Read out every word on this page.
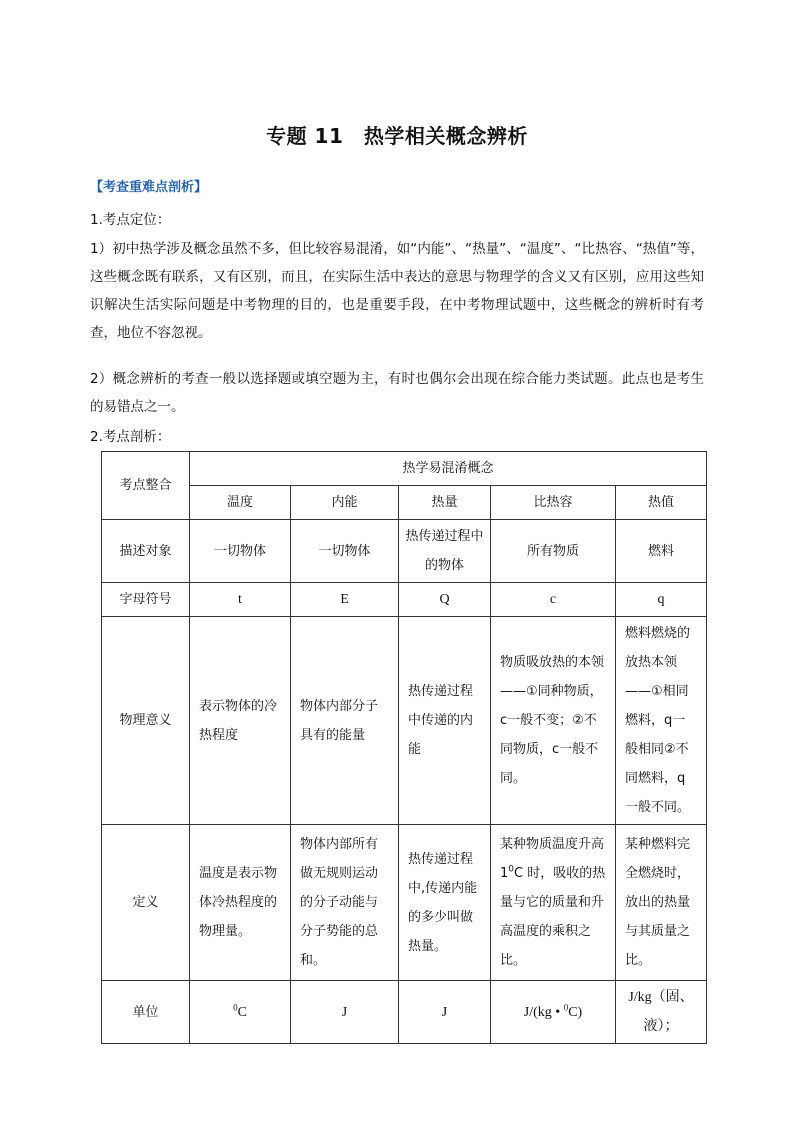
专题 11　热学相关概念辨析
【考查重难点剖析】
1.考点定位：
1）初中热学涉及概念虽然不多，但比较容易混淆，如“内能”、“热量”、“温度”、“比热容、“热值”等，这些概念既有联系，又有区别，而且，在实际生活中表达的意思与物理学的含义又有区别，应用这些知识解决生活实际问题是中考物理的目的，也是重要手段，在中考物理试题中，这些概念的辨析时有考查，地位不容忽视。
2）概念辨析的考查一般以选择题或填空题为主，有时也偶尔会出现在综合能力类试题。此点也是考生的易错点之一。
2.考点剖析：
考点整合	热学易混淆概念				
	温度	内能	热量	比热容	热值
描述对象	一切物体	一切物体	热传递过程中的物体	所有物质	燃料
字母符号	t	E	Q	c	q
物理意义	表示物体的冷热程度	物体内部分子具有的能量	热传递过程中传递的内能	物质吸放热的本领——①同种物质，c一般不变；②不同物质，c一般不同。	燃料燃烧的放热本领——①相同燃料，q一般相同②不同燃料，q一般不同。
定义	温度是表示物体冷热程度的物理量。	物体内部所有做无规则运动的分子动能与分子势能的总和。	热传递过程中,传递内能的多少叫做热量。	某种物质温度升高 $1^0C$ 时，吸收的热量与它的质量和升高温度的乘积之比。	某种燃料完全燃烧时，放出的热量与其质量之比。
单位	$^0$C	J	J	J/(kg • $^0$C)	J/kg（固、液）；
